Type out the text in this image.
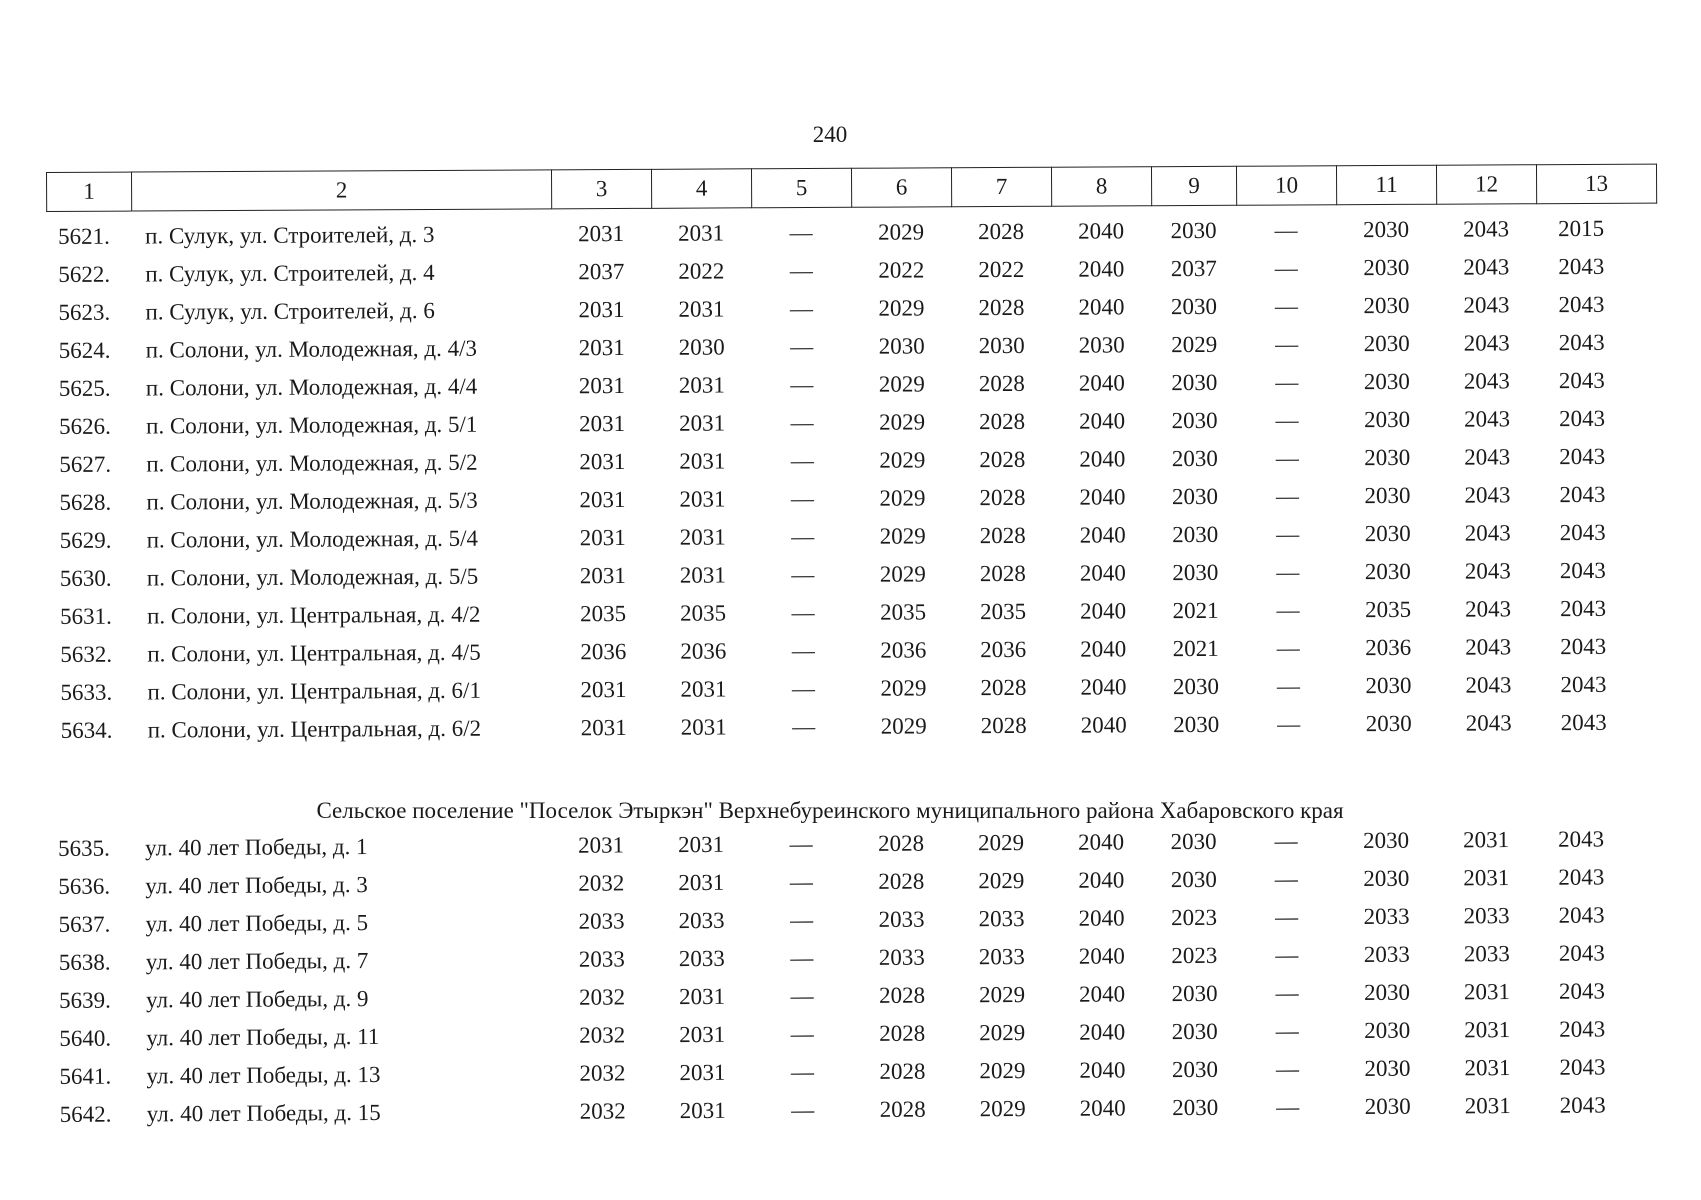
240
1	2	3	4	5	6	7	8	9	10	11	12	13
5621.	п. Сулук, ул. Строителей, д. 3	2031	2031	—	2029	2028	2040	2030	—	2030	2043	2015
5622.	п. Сулук, ул. Строителей, д. 4	2037	2022	—	2022	2022	2040	2037	—	2030	2043	2043
5623.	п. Сулук, ул. Строителей, д. 6	2031	2031	—	2029	2028	2040	2030	—	2030	2043	2043
5624.	п. Солони, ул. Молодежная, д. 4/3	2031	2030	—	2030	2030	2030	2029	—	2030	2043	2043
5625.	п. Солони, ул. Молодежная, д. 4/4	2031	2031	—	2029	2028	2040	2030	—	2030	2043	2043
5626.	п. Солони, ул. Молодежная, д. 5/1	2031	2031	—	2029	2028	2040	2030	—	2030	2043	2043
5627.	п. Солони, ул. Молодежная, д. 5/2	2031	2031	—	2029	2028	2040	2030	—	2030	2043	2043
5628.	п. Солони, ул. Молодежная, д. 5/3	2031	2031	—	2029	2028	2040	2030	—	2030	2043	2043
5629.	п. Солони, ул. Молодежная, д. 5/4	2031	2031	—	2029	2028	2040	2030	—	2030	2043	2043
5630.	п. Солони, ул. Молодежная, д. 5/5	2031	2031	—	2029	2028	2040	2030	—	2030	2043	2043
5631.	п. Солони, ул. Центральная, д. 4/2	2035	2035	—	2035	2035	2040	2021	—	2035	2043	2043
5632.	п. Солони, ул. Центральная, д. 4/5	2036	2036	—	2036	2036	2040	2021	—	2036	2043	2043
5633.	п. Солони, ул. Центральная, д. 6/1	2031	2031	—	2029	2028	2040	2030	—	2030	2043	2043
5634.	п. Солони, ул. Центральная, д. 6/2	2031	2031	—	2029	2028	2040	2030	—	2030	2043	2043
Сельское поселение "Поселок Этыркэн" Верхнебуреинского муниципального района Хабаровского края
5635.	ул. 40 лет Победы, д. 1	2031	2031	—	2028	2029	2040	2030	—	2030	2031	2043
5636.	ул. 40 лет Победы, д. 3	2032	2031	—	2028	2029	2040	2030	—	2030	2031	2043
5637.	ул. 40 лет Победы, д. 5	2033	2033	—	2033	2033	2040	2023	—	2033	2033	2043
5638.	ул. 40 лет Победы, д. 7	2033	2033	—	2033	2033	2040	2023	—	2033	2033	2043
5639.	ул. 40 лет Победы, д. 9	2032	2031	—	2028	2029	2040	2030	—	2030	2031	2043
5640.	ул. 40 лет Победы, д. 11	2032	2031	—	2028	2029	2040	2030	—	2030	2031	2043
5641.	ул. 40 лет Победы, д. 13	2032	2031	—	2028	2029	2040	2030	—	2030	2031	2043
5642.	ул. 40 лет Победы, д. 15	2032	2031	—	2028	2029	2040	2030	—	2030	2031	2043
